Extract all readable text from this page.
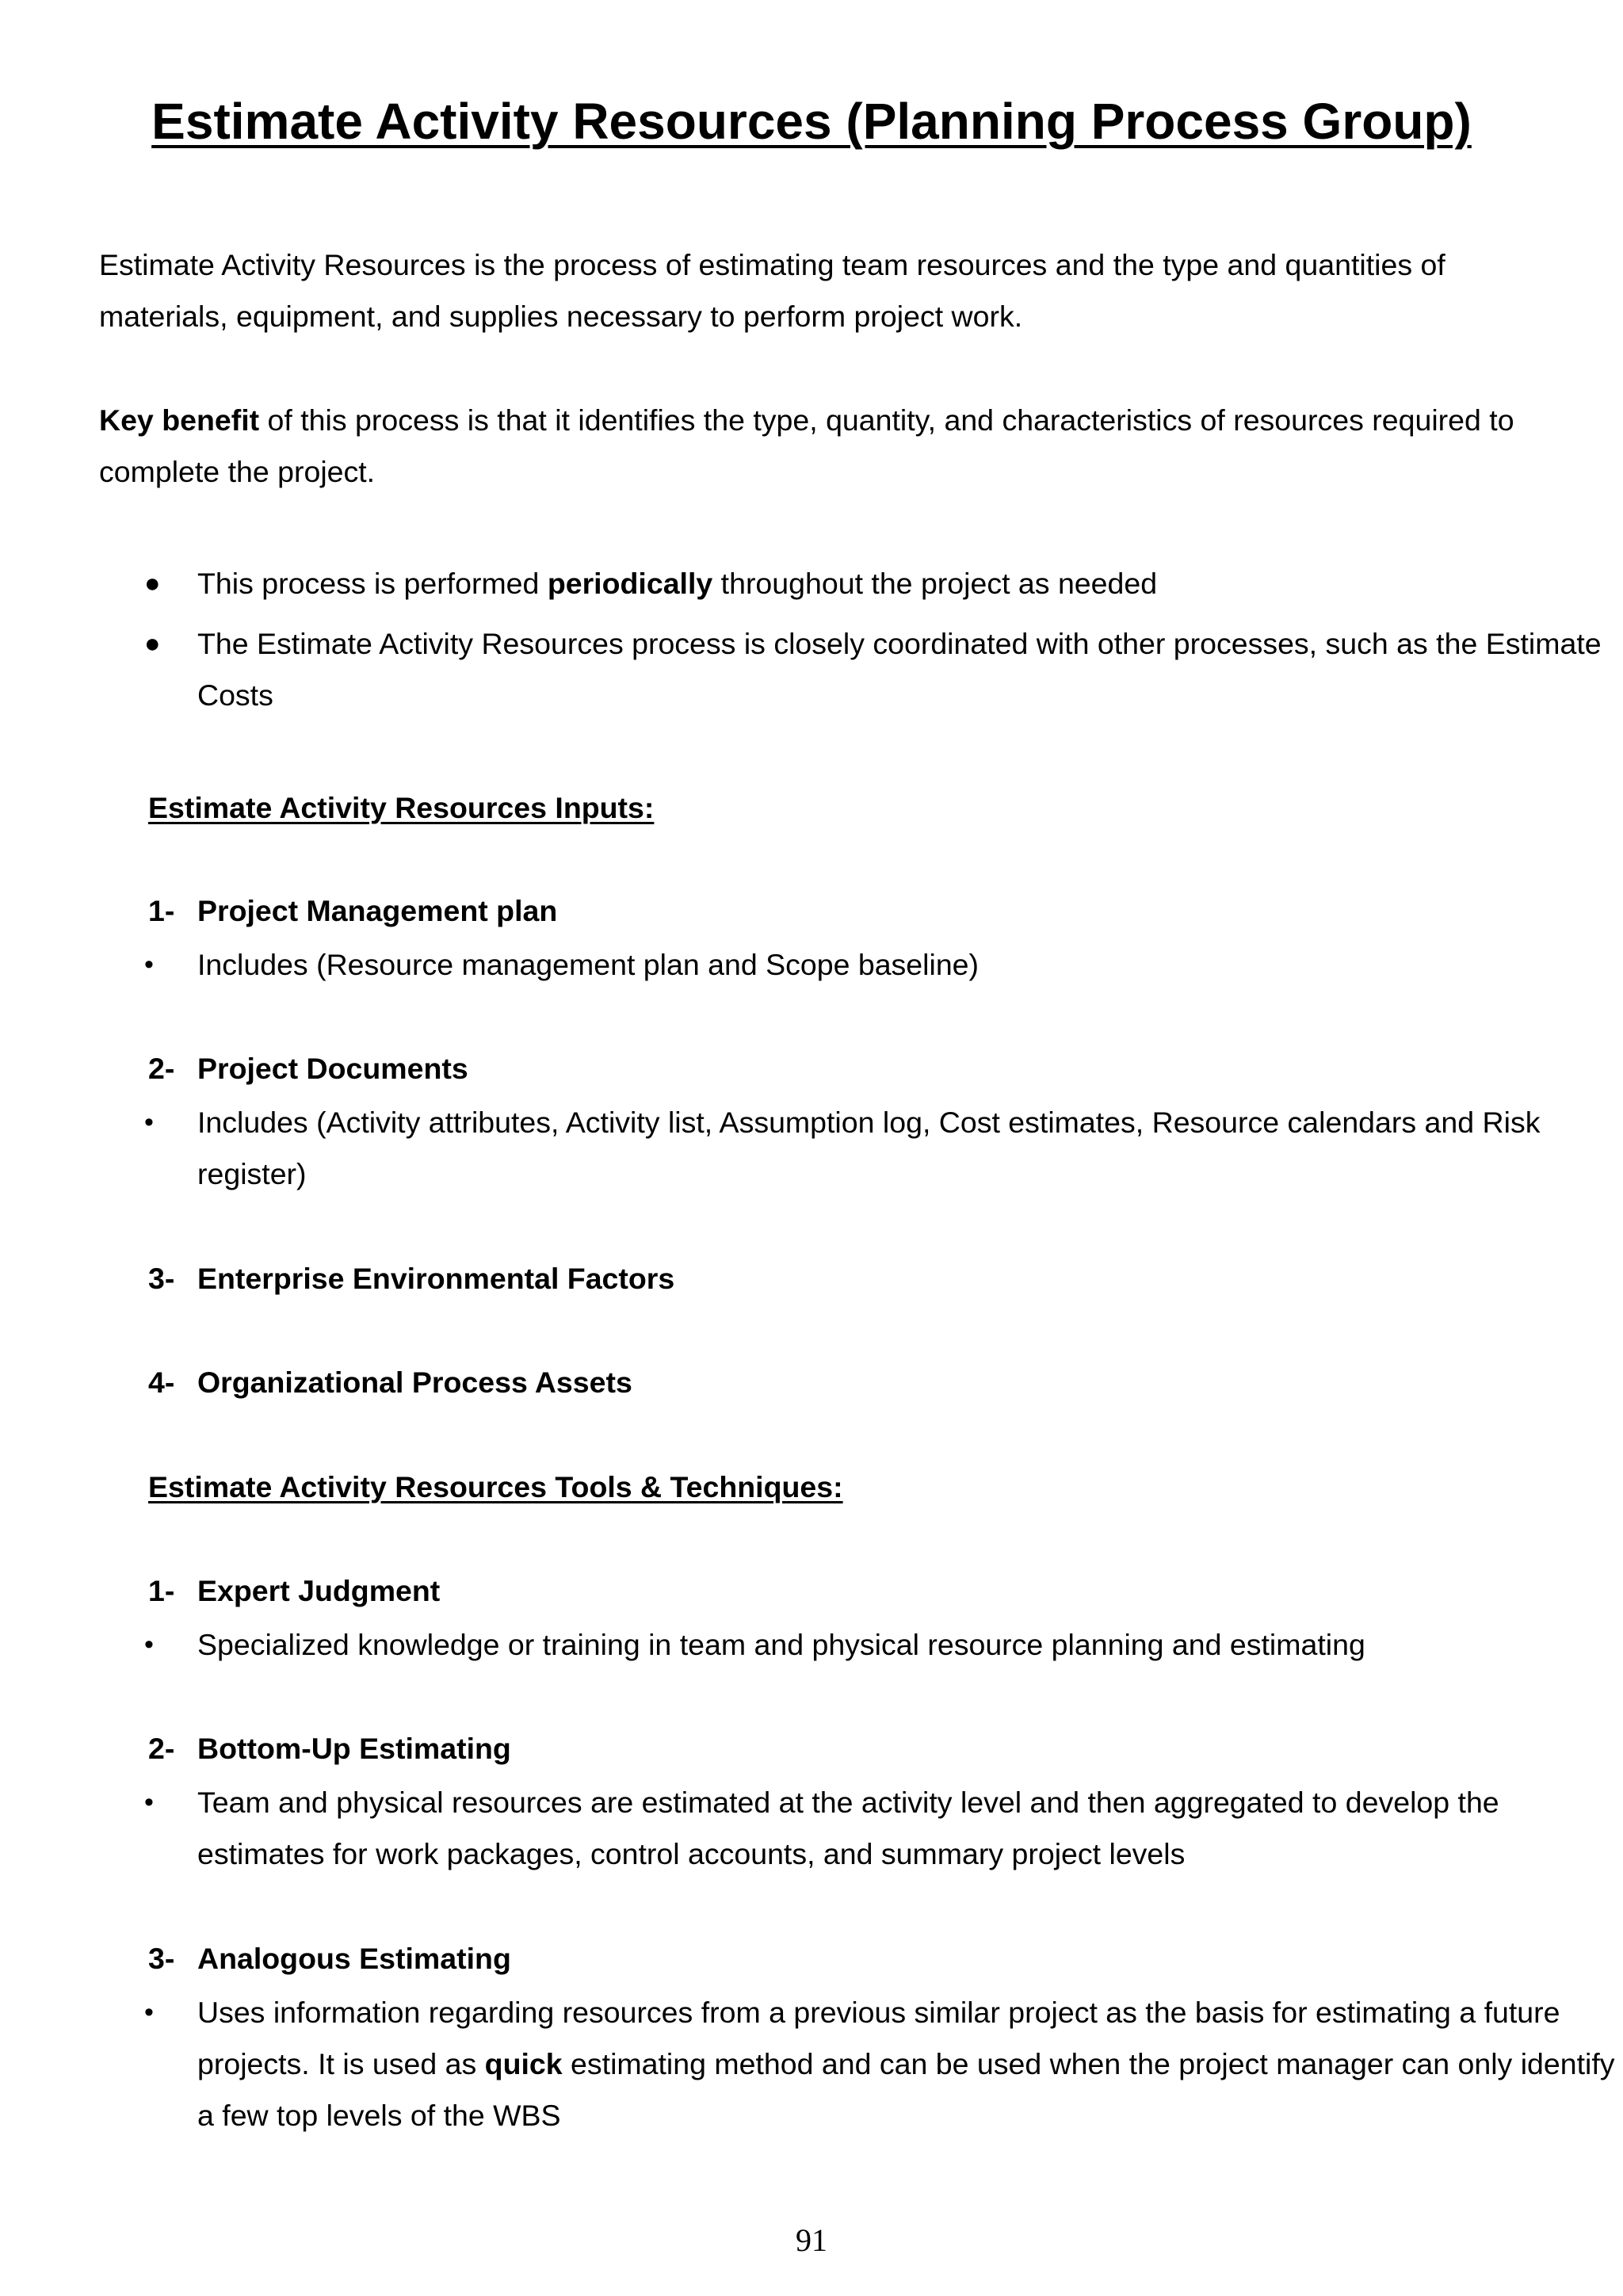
Estimate Activity Resources (Planning Process Group)

Estimate Activity Resources is the process of estimating team resources and the type and quantities of materials, equipment, and supplies necessary to perform project work.

Key benefit of this process is that it identifies the type, quantity, and characteristics of resources required to complete the project.

● This process is performed periodically throughout the project as needed
● The Estimate Activity Resources process is closely coordinated with other processes, such as the Estimate Costs
Estimate Activity Resources Inputs:
1- Project Management plan
• Includes (Resource management plan and Scope baseline)
2- Project Documents
• Includes (Activity attributes, Activity list, Assumption log, Cost estimates, Resource calendars and Risk register)
3- Enterprise Environmental Factors
4- Organizational Process Assets
Estimate Activity Resources Tools & Techniques:
1- Expert Judgment
• Specialized knowledge or training in team and physical resource planning and estimating
2- Bottom-Up Estimating
• Team and physical resources are estimated at the activity level and then aggregated to develop the estimates for work packages, control accounts, and summary project levels
3- Analogous Estimating
• Uses information regarding resources from a previous similar project as the basis for estimating a future projects. It is used as quick estimating method and can be used when the project manager can only identify a few top levels of the WBS
91
